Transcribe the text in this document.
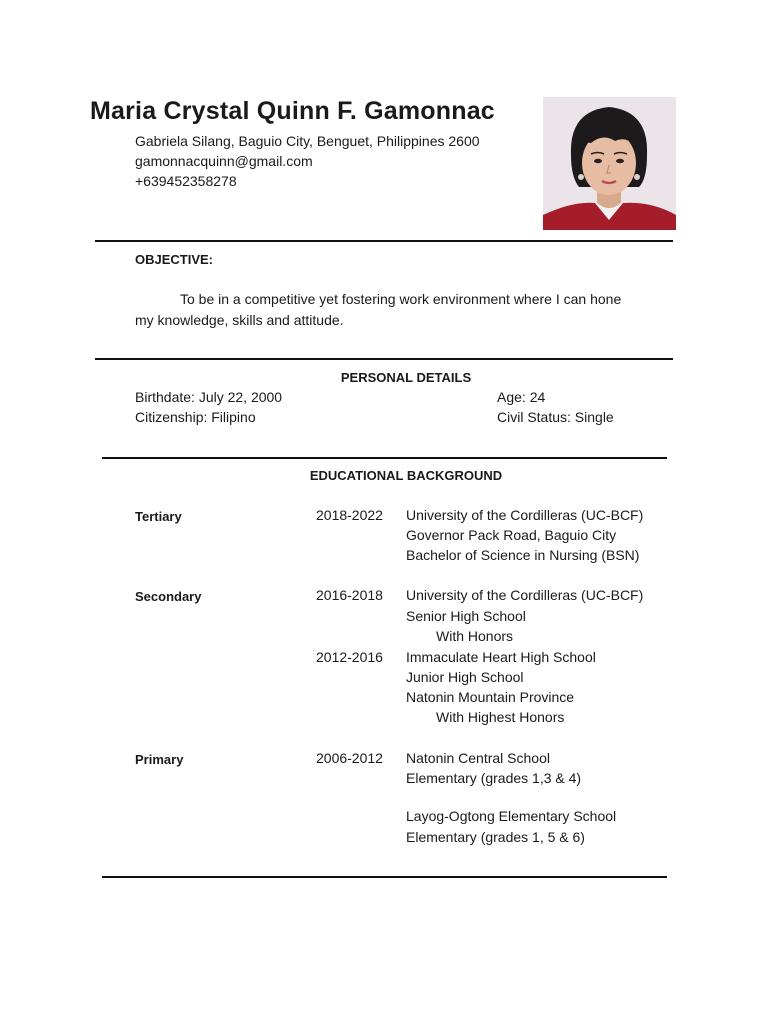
Maria Crystal Quinn F. Gamonnac
Gabriela Silang, Baguio City, Benguet, Philippines 2600
gamonnacquinn@gmail.com
+639452358278
OBJECTIVE:
To be in a competitive yet fostering work environment where I can hone
my knowledge, skills and attitude.
PERSONAL DETAILS
Birthdate: July 22, 2000
Citizenship: Filipino
Age: 24
Civil Status: Single
EDUCATIONAL BACKGROUND
Tertiary	2018-2022 University of the Cordilleras (UC-BCF)
Governor Pack Road, Baguio City
Bachelor of Science in Nursing (BSN)
Secondary	2016-2018 University of the Cordilleras (UC-BCF)
Senior High School
With Honors
2012-2016 Immaculate Heart High School
Junior High School
Natonin Mountain Province
With Highest Honors
Primary	2006-2012 Natonin Central School
Elementary (grades 1,3 & 4)
Layog-Ogtong Elementary School
Elementary (grades 1, 5 & 6)
